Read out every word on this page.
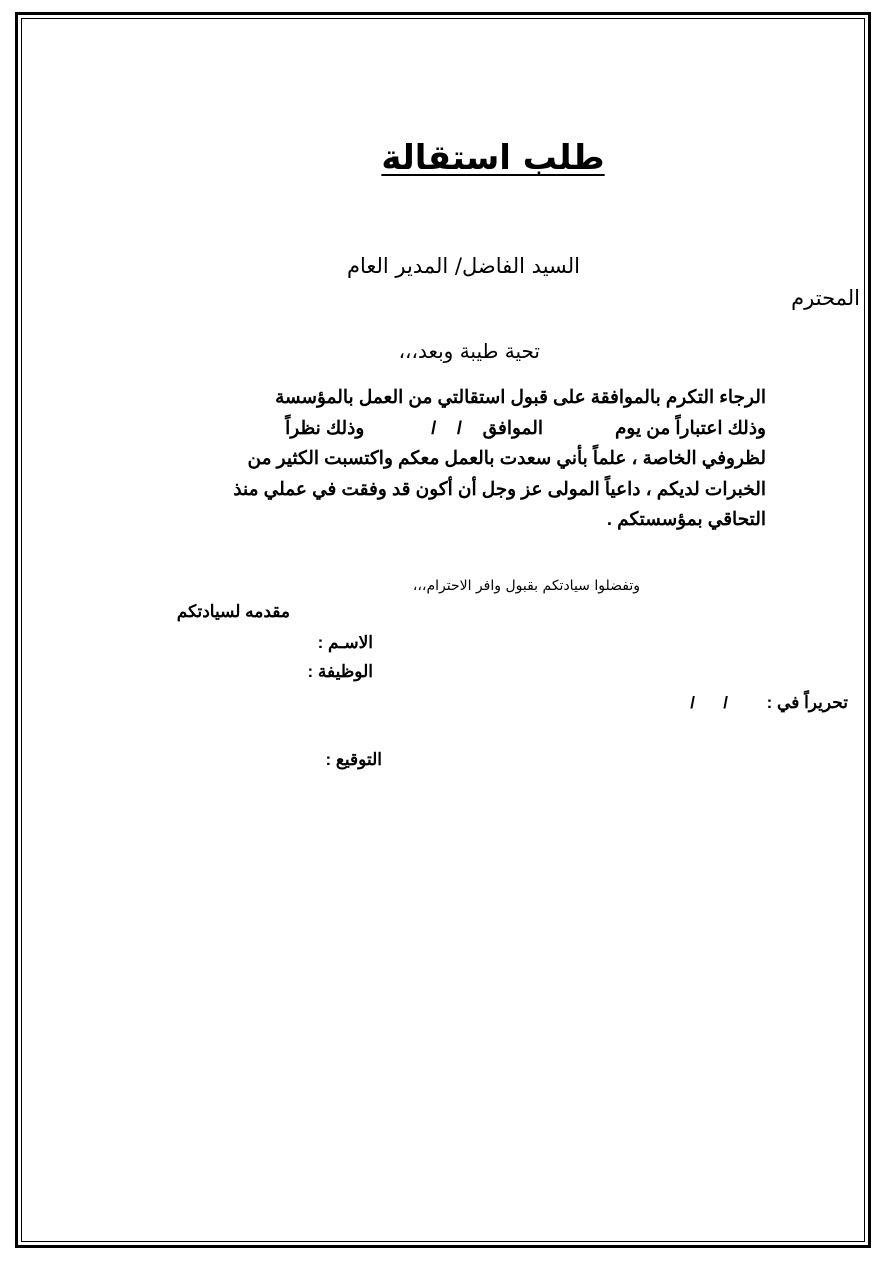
طلب استقالة
السيد الفاضل/ المدير العام
المحترم
تحية طيبة وبعد،،،
الرجاء التكرم بالموافقة على قبول استقالتي من العمل بالمؤسسة
وذلك اعتباراً من يوم              الموافق    /    /             وذلك نظراً
لظروفي الخاصة ، علماً بأني سعدت بالعمل معكم واكتسبت الكثير من
الخبرات لديكم ، داعياً المولى عز وجل أن أكون قد وفقت في عملي منذ
التحاقي بمؤسستكم .
وتفضلوا سيادتكم بقبول وافر الاحترام،،،
مقدمه لسيادتكم
الاسـم :
الوظيفة :
تحريراً في :
/      /
التوقيع :
